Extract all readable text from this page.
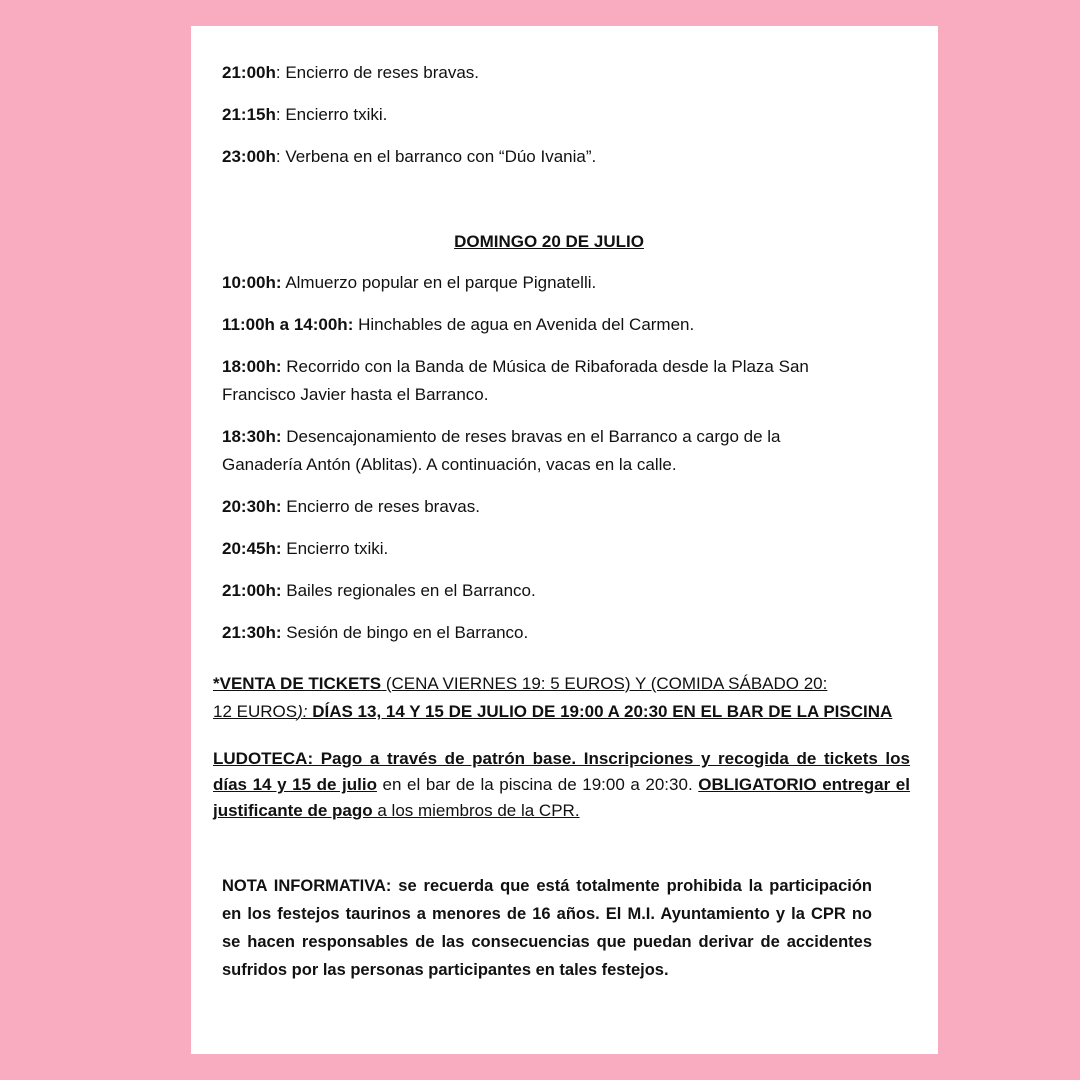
21:00h: Encierro de reses bravas.
21:15h: Encierro txiki.
23:00h: Verbena en el barranco con “Dúo Ivania”.
DOMINGO 20 DE JULIO
10:00h: Almuerzo popular en el parque Pignatelli.
11:00h a 14:00h: Hinchables de agua en Avenida del Carmen.
18:00h: Recorrido con la Banda de Música de Ribaforada desde la Plaza San
Francisco Javier hasta el Barranco.
18:30h: Desencajonamiento de reses bravas en el Barranco a cargo de la
Ganadería Antón (Ablitas). A continuación, vacas en la calle.
20:30h: Encierro de reses bravas.
20:45h: Encierro txiki.
21:00h: Bailes regionales en el Barranco.
21:30h: Sesión de bingo en el Barranco.
*VENTA DE TICKETS (CENA VIERNES 19: 5 EUROS) Y (COMIDA SÁBADO 20:
12 EUROS): DÍAS 13, 14 Y 15 DE JULIO DE 19:00 A 20:30 EN EL BAR DE LA PISCINA
LUDOTECA: Pago a través de patrón base. Inscripciones y recogida de tickets los días 14 y 15 de julio en el bar de la piscina de 19:00 a 20:30. OBLIGATORIO entregar el justificante de pago a los miembros de la CPR.
NOTA INFORMATIVA: se recuerda que está totalmente prohibida la participación en los festejos taurinos a menores de 16 años. El M.I. Ayuntamiento y la CPR no se hacen responsables de las consecuencias que puedan derivar de accidentes sufridos por las personas participantes en tales festejos.
